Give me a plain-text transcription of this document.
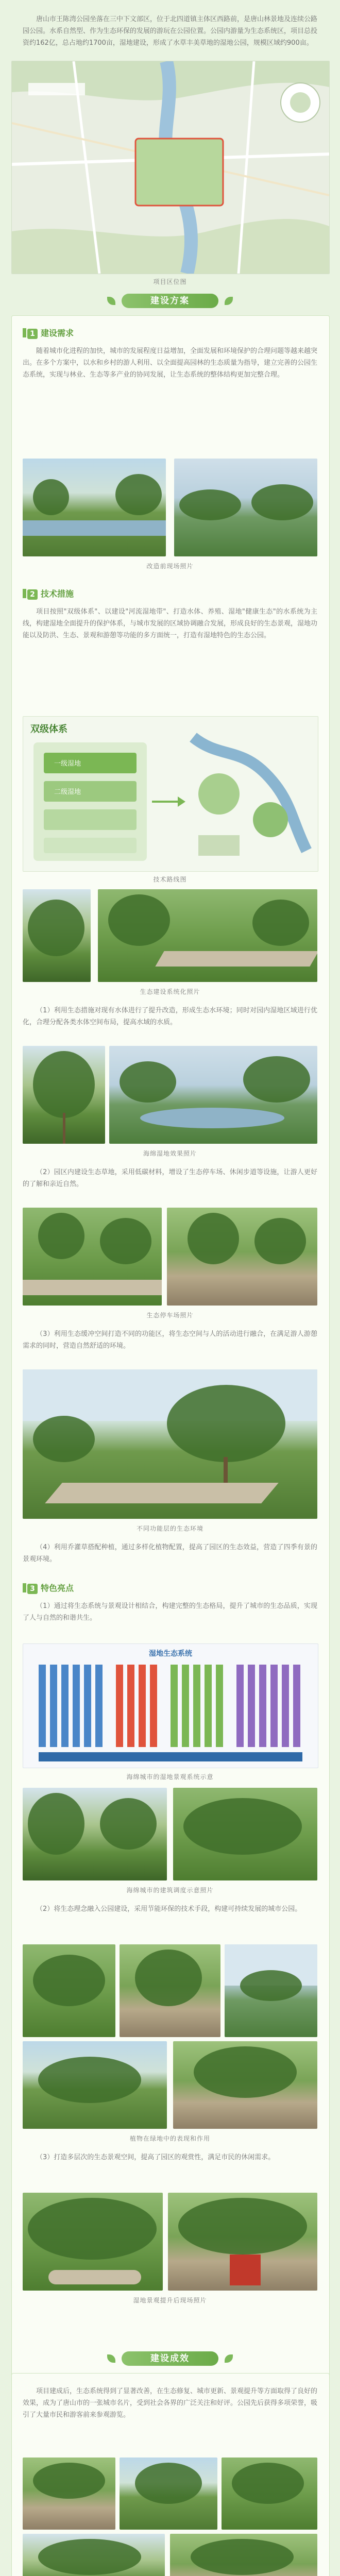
唐山市王陈湾公园坐落在三中下文部区，位于北四道镇主体区西路前，是唐山林景地及连续公路园公园。水系自然型、作为生态环保的发展的游玩在公园位置。公园内游量为生态系统区，项目总投资约162亿，总占地约1700亩，湿地建设，形成了水草丰美草地的湿地公园，规模区域约900亩。

项目区位图
建设方案
1 建设需求

随着城市化进程的加快，城市的发展程度日益增加，全面发展和环境保护的合理问题等越来越突出。在多个方案中，以水和乡村的游人利用、以全面提高园林的生态质量为指导，建立完善的公园生态系统，实现与林业、生态等多产业的协同发展，让生态系统的整体结构更加完整合理。

改造前现场照片
2 技术措施

项目按照"双级体系"、以建设"河流湿地带"、打造水体、养殖、湿地"健康生态"的水系统为主线，构建湿地全面提升的保护体系，与城市发展的区域协调融合发展，形成良好的生态景观，湿地功能以及防洪、生态、景观和游憩等功能的多方面统一，打造有湿地特色的生态公园。

双级体系
一级湿地
二级湿地
技术路线图
生态建设系统化照片

（1）利用生态措施对现有水体进行了提升改造，形成生态水环境；同时对园内湿地区域进行优化，合理分配各类水体空间布局，提高水域的水质。

海绵湿地效果照片

（2）园区内建设生态草地，采用低碳材料，增设了生态停车场、休闲步道等设施，让游人更好的了解和亲近自然。

生态停车场照片

（3）利用生态缓冲空间打造不同的功能区，将生态空间与人的活动进行融合，在满足游人游憩需求的同时，营造自然舒适的环境。

不同功能层的生态环境

（4）利用乔灌草搭配种植，通过多样化植物配置，提高了园区的生态效益，营造了四季有景的景观环境。

3 特色亮点

（1）通过将生态系统与景观设计相结合，构建完整的生态格局，提升了城市的生态品质，实现了人与自然的和谐共生。

湿地生态系统
海绵城市的湿地景观系统示意
海绵城市的建筑调度示意照片

（2）将生态理念融入公园建设，采用节能环保的技术手段，构建可持续发展的城市公园。

植物在绿地中的表现和作用

（3）打造多层次的生态景观空间，提高了园区的观赏性，满足市民的休闲需求。

湿地景观提升后现场照片
建设成效

项目建成后，生态系统得到了显著改善，在生态修复、城市更新、景观提升等方面取得了良好的效果，成为了唐山市的一张城市名片，受到社会各界的广泛关注和好评。公园先后获得多项荣誉，吸引了大量市民和游客前来参观游览。
